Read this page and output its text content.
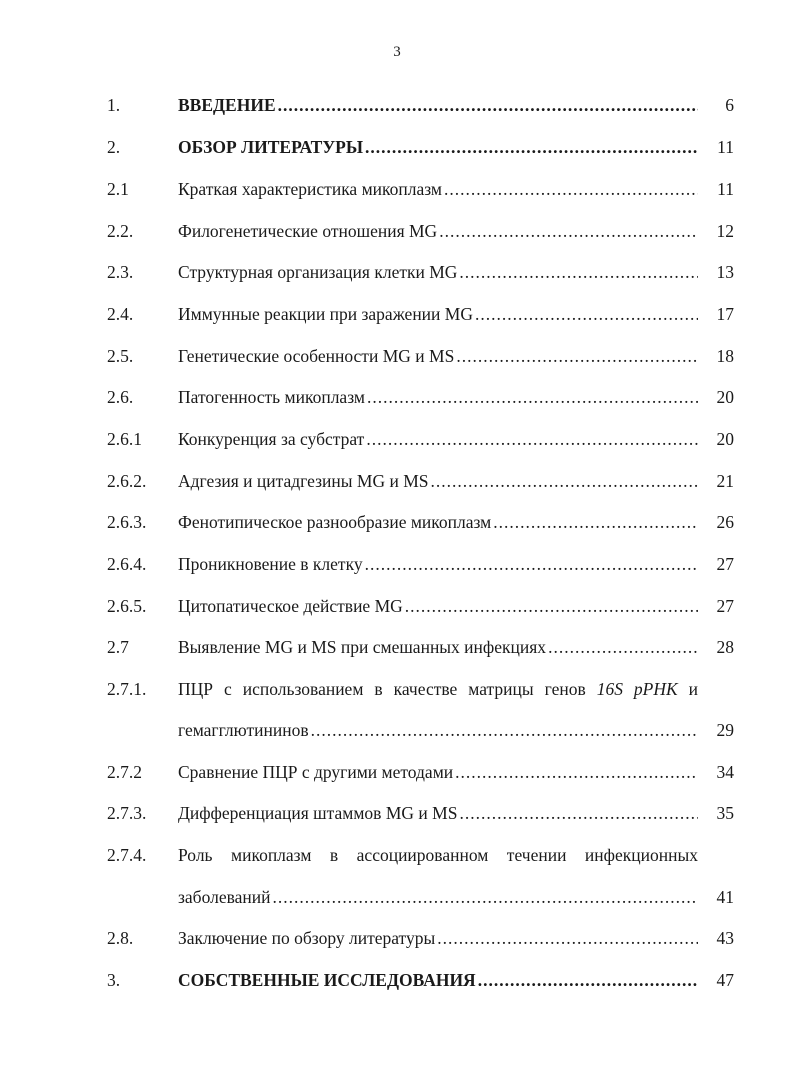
3
1.	ВВЕДЕНИЕ .....	6
2.	ОБЗОР ЛИТЕРАТУРЫ .....	11
2.1	Краткая характеристика микоплазм .....	11
2.2.	Филогенетические отношения MG .....	12
2.3.	Структурная организация клетки MG .....	13
2.4.	Иммунные реакции при заражении MG .....	17
2.5.	Генетические особенности MG и MS .....	18
2.6.	Патогенность микоплазм .....	20
2.6.1 Конкуренция за субстрат .....	20
2.6.2. Адгезия и цитадгезины MG и MS .....	21
2.6.3. Фенотипическое разнообразие микоплазм .....	26
2.6.4. Проникновение в клетку .....	27
2.6.5. Цитопатическое действие MG .....	27
2.7	Выявление MG и MS при смешанных инфекциях .....	28
2.7.1. ПЦР с использованием в качестве матрицы генов 16S рРНК и
гемагглютининов .....	29
2.7.2 Сравнение ПЦР с другими методами .....	34
2.7.3. Дифференциация штаммов MG и MS .....	35
2.7.4. Роль микоплазм в ассоциированном течении инфекционных
заболеваний .....	41
2.8.	Заключение по обзору литературы .....	43
3.	СОБСТВЕННЫЕ ИССЛЕДОВАНИЯ .....	47
